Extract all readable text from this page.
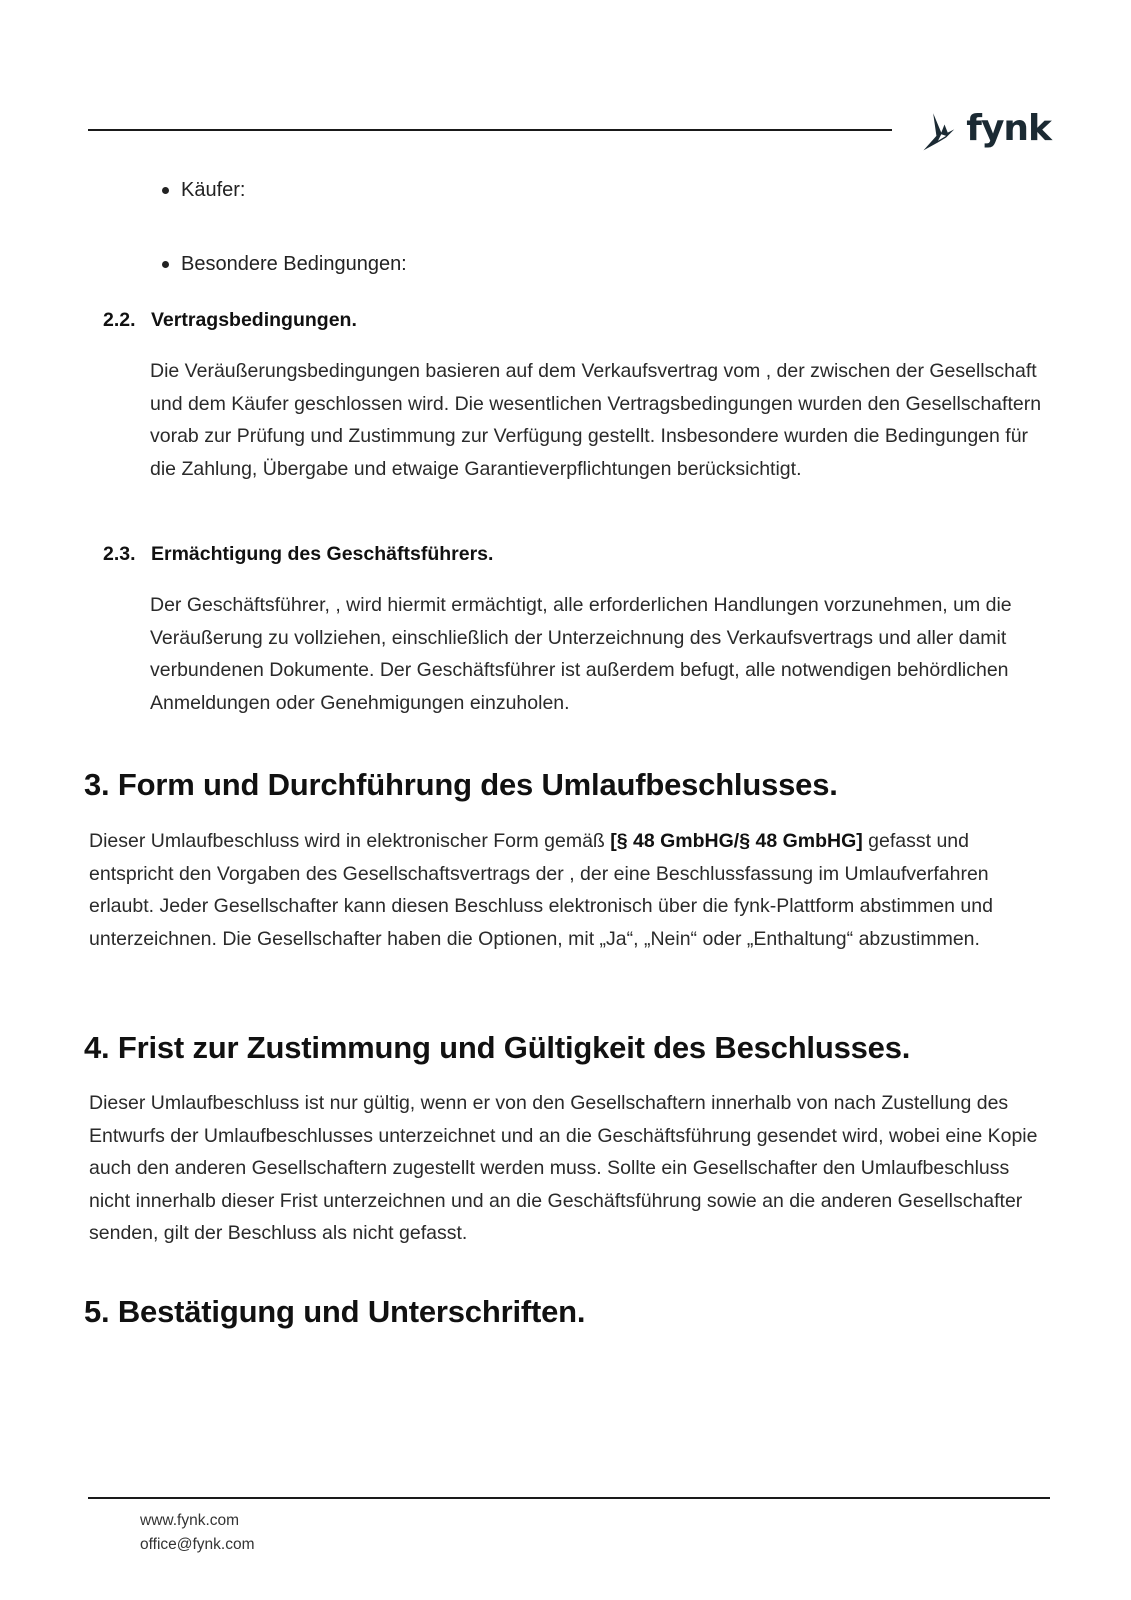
fynk
Käufer:
Besondere Bedingungen:
2.2. Vertragsbedingungen.

Die Veräußerungsbedingungen basieren auf dem Verkaufsvertrag vom , der zwischen der Gesellschaft und dem Käufer geschlossen wird. Die wesentlichen Vertragsbedingungen wurden den Gesellschaftern vorab zur Prüfung und Zustimmung zur Verfügung gestellt. Insbesondere wurden die Bedingungen für die Zahlung, Übergabe und etwaige Garantieverpflichtungen berücksichtigt.

2.3. Ermächtigung des Geschäftsführers.

Der Geschäftsführer, , wird hiermit ermächtigt, alle erforderlichen Handlungen vorzunehmen, um die Veräußerung zu vollziehen, einschließlich der Unterzeichnung des Verkaufsvertrags und aller damit verbundenen Dokumente. Der Geschäftsführer ist außerdem befugt, alle notwendigen behördlichen Anmeldungen oder Genehmigungen einzuholen.

3. Form und Durchführung des Umlaufbeschlusses.

Dieser Umlaufbeschluss wird in elektronischer Form gemäß [§ 48 GmbHG/§ 48 GmbHG] gefasst und entspricht den Vorgaben des Gesellschaftsvertrags der , der eine Beschlussfassung im Umlaufverfahren erlaubt. Jeder Gesellschafter kann diesen Beschluss elektronisch über die fynk-Plattform abstimmen und unterzeichnen. Die Gesellschafter haben die Optionen, mit „Ja“, „Nein“ oder „Enthaltung“ abzustimmen.

4. Frist zur Zustimmung und Gültigkeit des Beschlusses.

Dieser Umlaufbeschluss ist nur gültig, wenn er von den Gesellschaftern innerhalb von nach Zustellung des Entwurfs der Umlaufbeschlusses unterzeichnet und an die Geschäftsführung gesendet wird, wobei eine Kopie auch den anderen Gesellschaftern zugestellt werden muss. Sollte ein Gesellschafter den Umlaufbeschluss nicht innerhalb dieser Frist unterzeichnen und an die Geschäftsführung sowie an die anderen Gesellschafter senden, gilt der Beschluss als nicht gefasst.

5. Bestätigung und Unterschriften.
www.fynk.com
office@fynk.com
